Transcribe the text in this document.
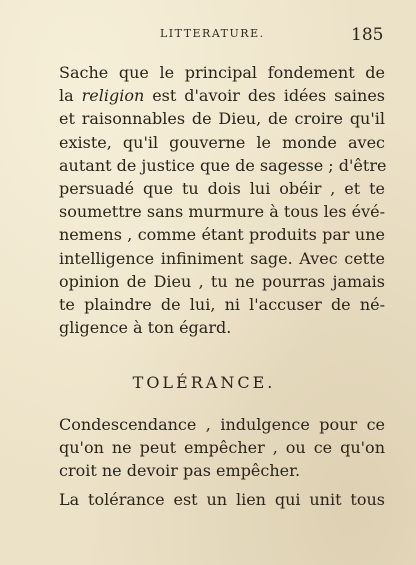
LITTERATURE.	185
Sache que le principal fondement de
la religion est d'avoir des idées saines
et raisonnables de Dieu, de croire qu'il
existe, qu'il gouverne le monde avec
autant de justice que de sagesse ; d'être
persuadé que tu dois lui obéir , et te
soumettre sans murmure à tous les évé-
nemens , comme étant produits par une
intelligence infiniment sage. Avec cette
opinion de Dieu , tu ne pourras jamais
te plaindre de lui, ni l'accuser de né-
gligence à ton égard.
TOLÉRANCE.
Condescendance , indulgence pour ce
qu'on ne peut empêcher , ou ce qu'on
croit ne devoir pas empêcher.
La tolérance est un lien qui unit tous
